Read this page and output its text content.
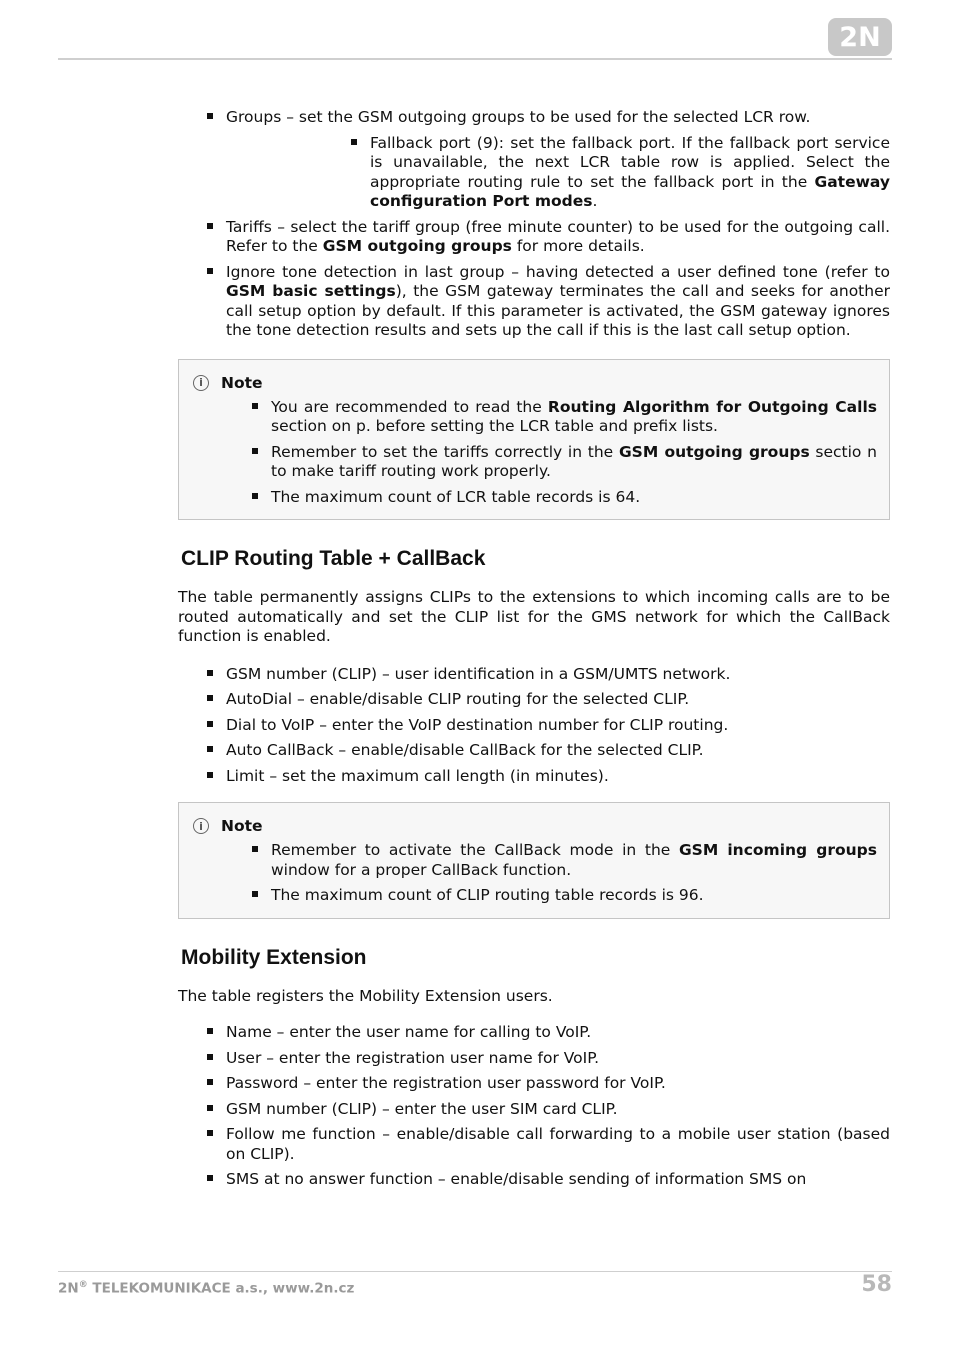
2N
Groups – set the GSM outgoing groups to be used for the selected LCR row.
Fallback port (9): set the fallback port. If the fallback port service is unavailable, the next LCR table row is applied. Select the appropriate routing rule to set the fallback port in the Gateway configuration Port modes.
Tariffs – select the tariff group (free minute counter) to be used for the outgoing call. Refer to the GSM outgoing groups for more details.
Ignore tone detection in last group – having detected a user defined tone (refer to GSM basic settings), the GSM gateway terminates the call and seeks for another call setup option by default. If this parameter is activated, the GSM gateway ignores the tone detection results and sets up the call if this is the last call setup option.
i	Note
You are recommended to read the Routing Algorithm for Outgoing Calls section on p. before setting the LCR table and prefix lists.
Remember to set the tariffs correctly in the GSM outgoing groups sectio n to make tariff routing work properly.
The maximum count of LCR table records is 64.
CLIP Routing Table + CallBack

The table permanently assigns CLIPs to the extensions to which incoming calls are to be routed automatically and set the CLIP list for the GMS network for which the CallBack function is enabled.

GSM number (CLIP) – user identification in a GSM/UMTS network.
AutoDial – enable/disable CLIP routing for the selected CLIP.
Dial to VoIP – enter the VoIP destination number for CLIP routing.
Auto CallBack – enable/disable CallBack for the selected CLIP.
Limit – set the maximum call length (in minutes).
i	Note
Remember to activate the CallBack mode in the GSM incoming groups window for a proper CallBack function.
The maximum count of CLIP routing table records is 96.
Mobility Extension

The table registers the Mobility Extension users.

Name – enter the user name for calling to VoIP.
User – enter the registration user name for VoIP.
Password – enter the registration user password for VoIP.
GSM number (CLIP) – enter the user SIM card CLIP.
Follow me function – enable/disable call forwarding to a mobile user station (based on CLIP).
SMS at no answer function – enable/disable sending of information SMS on
2N® TELEKOMUNIKACE a.s., www.2n.cz	58
